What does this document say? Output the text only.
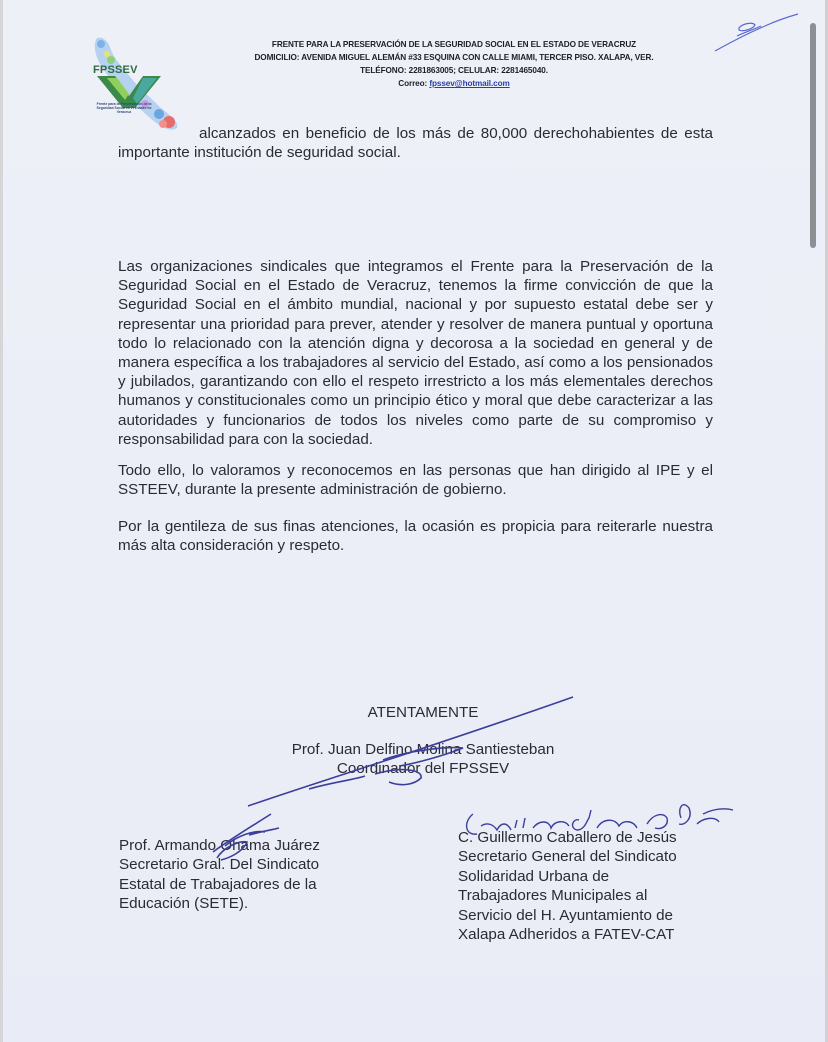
FPSSEV
Frente para la Preservación de la Seguridad Social en el Estado de Veracruz
FRENTE PARA LA PRESERVACIÓN DE LA SEGURIDAD SOCIAL EN EL ESTADO DE VERACRUZ
DOMICILIO: AVENIDA MIGUEL ALEMÁN #33 ESQUINA CON CALLE MIAMI, TERCER PISO. XALAPA, VER.
TELÉFONO: 2281863005; CELULAR: 2281465040.
Correo: fpssev@hotmail.com
alcanzados en beneficio de los más de 80,000 derechohabientes de esta importante institución de seguridad social.
Las organizaciones sindicales que integramos el Frente para la Preservación de la Seguridad Social en el Estado de Veracruz, tenemos la firme convicción de que la Seguridad Social en el ámbito mundial, nacional y por supuesto estatal debe ser y representar una prioridad para prever, atender y resolver de manera puntual y oportuna todo lo relacionado con la atención digna y decorosa a la sociedad en general y de manera específica a los trabajadores al servicio del Estado, así como a los pensionados y jubilados, garantizando con ello el respeto irrestricto a los más elementales derechos humanos y constitucionales como un principio ético y moral que debe caracterizar a las autoridades y funcionarios de todos los niveles como parte de su compromiso y responsabilidad para con la sociedad.
Todo ello, lo valoramos y reconocemos en las personas que han dirigido al IPE y el SSTEEV, durante la presente administración de gobierno.
Por la gentileza de sus finas atenciones, la ocasión es propicia para reiterarle nuestra más alta consideración y respeto.
ATENTAMENTE
Prof. Juan Delfino Molina Santiesteban
Coordinador del FPSSEV
Prof. Armando Ohama Juárez
Secretario Gral. Del Sindicato
Estatal de Trabajadores de la
Educación (SETE).
C. Guillermo Caballero de Jesús
Secretario General del Sindicato
Solidaridad Urbana de
Trabajadores Municipales al
Servicio del H. Ayuntamiento de
Xalapa Adheridos a FATEV-CAT
